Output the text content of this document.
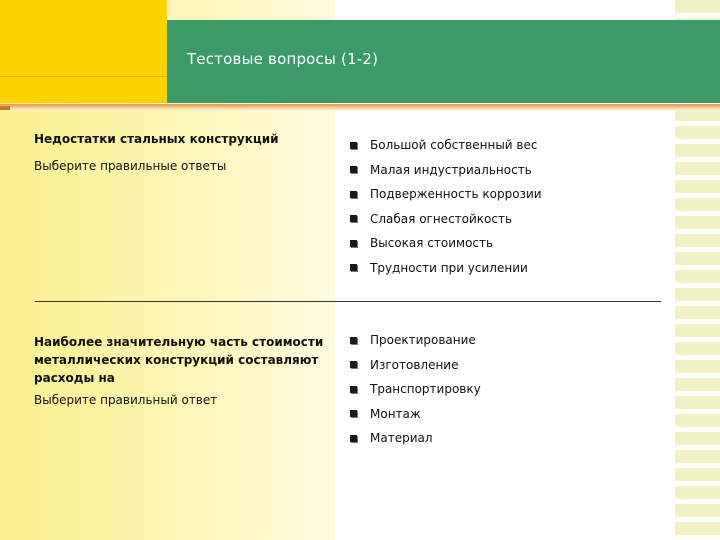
Тестовые вопросы (1-2)

Недостатки стальных конструкций

Выберите правильные ответы

Большой собственный вес
Малая индустриальность
Подверженность коррозии
Слабая огнестойкость
Высокая стоимость
Трудности при усилении

Наиболее значительную часть стоимости металлических конструкций составляют расходы на

Выберите правильный ответ

Проектирование
Изготовление
Транспортировку
Монтаж
Материал
